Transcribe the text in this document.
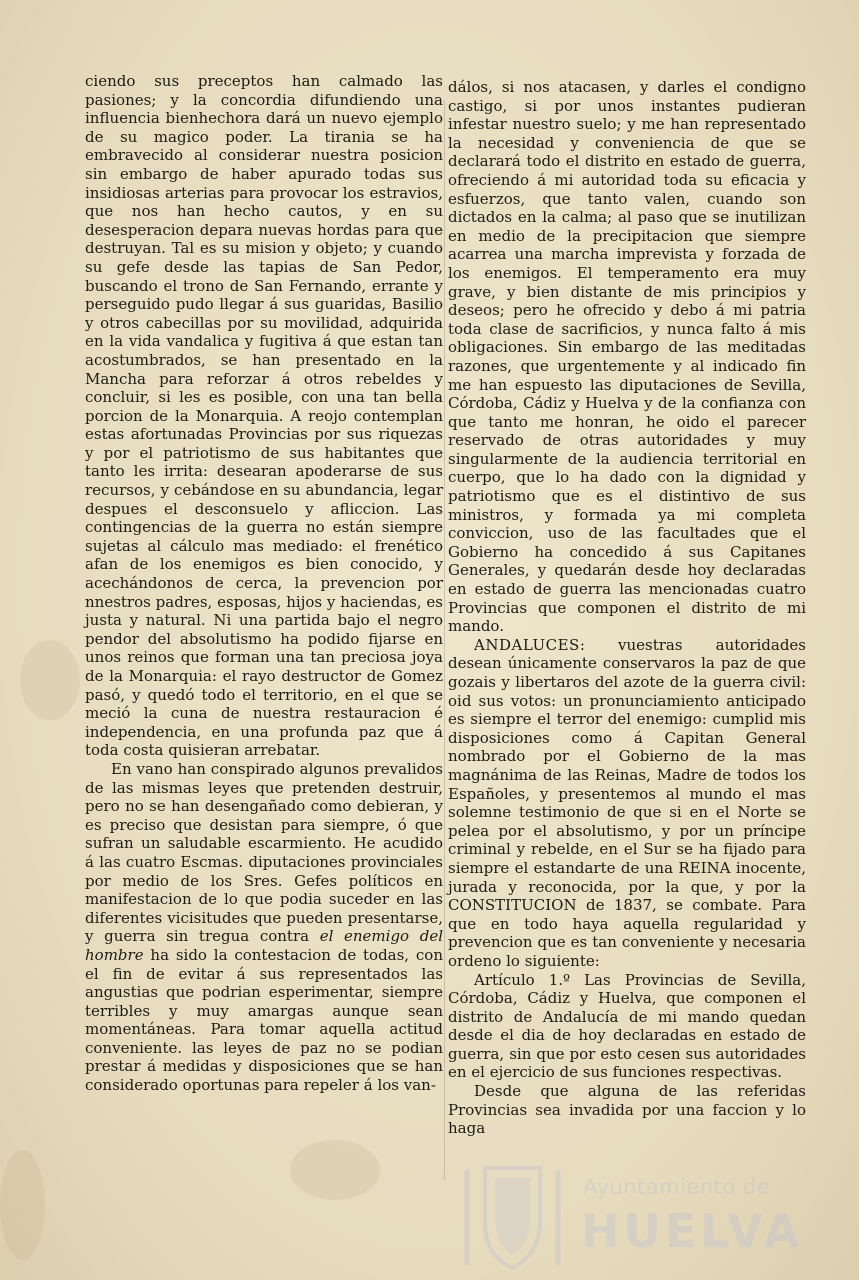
ciendo sus preceptos han calmado las pasiones; y la concordia difundiendo una influencia bienhechora dará un nuevo ejemplo de su magico poder. La tirania se ha embravecido al considerar nuestra posicion sin embargo de haber apurado todas sus insidiosas arterias para provocar los estravios, que nos han hecho cautos, y en su desesperacion depara nuevas hordas para que destruyan. Tal es su mision y objeto; y cuando su gefe desde las tapias de San Pedor, buscando el trono de San Fernando, errante y perseguido pudo llegar á sus guaridas, Basilio y otros cabecillas por su movilidad, adquirida en la vida vandalica y fugitiva á que estan tan acostumbrados, se han presentado en la Mancha para reforzar á otros rebeldes y concluir, si les es posible, con una tan bella porcion de la Monarquia. A reojo contemplan estas afortunadas Provincias por sus riquezas y por el patriotismo de sus habitantes que tanto les irrita: desearan apoderarse de sus recursos, y cebándose en su abundancia, legar despues el desconsuelo y afliccion. Las contingencias de la guerra no están siempre sujetas al cálculo mas mediado: el frenético afan de los enemigos es bien conocido, y acechándonos de cerca, la prevencion por nnestros padres, esposas, hijos y haciendas, es justa y natural. Ni una partida bajo el negro pendor del absolutismo ha podido fijarse en unos reinos que forman una tan preciosa joya de la Monarquia: el rayo destructor de Gomez pasó, y quedó todo el territorio, en el que se meció la cuna de nuestra restauracion é independencia, en una profunda paz que á toda costa quisieran arrebatar.

En vano han conspirado algunos prevalidos de las mismas leyes que pretenden destruir, pero no se han desengañado como debieran, y es preciso que desistan para siempre, ó que sufran un saludable escarmiento. He acudido á las cuatro Escmas. diputaciones provinciales por medio de los Sres. Gefes políticos en manifestacion de lo que podia suceder en las diferentes vicisitudes que pueden presentarse, y guerra sin tregua contra el enemigo del hombre ha sido la contestacion de todas, con el fin de evitar á sus representados las angustias que podrian esperimentar, siempre terribles y muy amargas aunque sean momentáneas. Para tomar aquella actitud conveniente. las leyes de paz no se podian prestar á medidas y disposiciones que se han considerado oportunas para repeler á los van-

dálos, si nos atacasen, y darles el condigno castigo, si por unos instantes pudieran infestar nuestro suelo; y me han representado la necesidad y conveniencia de que se declarará todo el distrito en estado de guerra, ofreciendo á mi autoridad toda su eficacia y esfuerzos, que tanto valen, cuando son dictados en la calma; al paso que se inutilizan en medio de la precipitacion que siempre acarrea una marcha imprevista y forzada de los enemigos. El temperamento era muy grave, y bien distante de mis principios y deseos; pero he ofrecido y debo á mi patria toda clase de sacrificios, y nunca falto á mis obligaciones. Sin embargo de las meditadas razones, que urgentemente y al indicado fin me han espuesto las diputaciones de Sevilla, Córdoba, Cádiz y Huelva y de la confianza con que tanto me honran, he oido el parecer reservado de otras autoridades y muy singularmente de la audiencia territorial en cuerpo, que lo ha dado con la dignidad y patriotismo que es el distintivo de sus ministros, y formada ya mi completa conviccion, uso de las facultades que el Gobierno ha concedido á sus Capitanes Generales, y quedarán desde hoy declaradas en estado de guerra las mencionadas cuatro Provincias que componen el distrito de mi mando.

ANDALUCES: vuestras autoridades desean únicamente conservaros la paz de que gozais y libertaros del azote de la guerra civil: oid sus votos: un pronunciamiento anticipado es siempre el terror del enemigo: cumplid mis disposiciones como á Capitan General nombrado por el Gobierno de la mas magnánima de las Reinas, Madre de todos los Españoles, y presentemos al mundo el mas solemne testimonio de que si en el Norte se pelea por el absolutismo, y por un príncipe criminal y rebelde, en el Sur se ha fijado para siempre el estandarte de una REINA inocente, jurada y reconocida, por la que, y por la CONSTITUCION de 1837, se combate. Para que en todo haya aquella regularidad y prevencion que es tan conveniente y necesaria ordeno lo siguiente:

Artículo 1.º Las Provincias de Sevilla, Córdoba, Cádiz y Huelva, que componen el distrito de Andalucía de mi mando quedan desde el dia de hoy declaradas en estado de guerra, sin que por esto cesen sus autoridades en el ejercicio de sus funciones respectivas.

Desde que alguna de las referidas Provincias sea invadida por una faccion y lo haga

Ayuntamiento de
HUELVA
